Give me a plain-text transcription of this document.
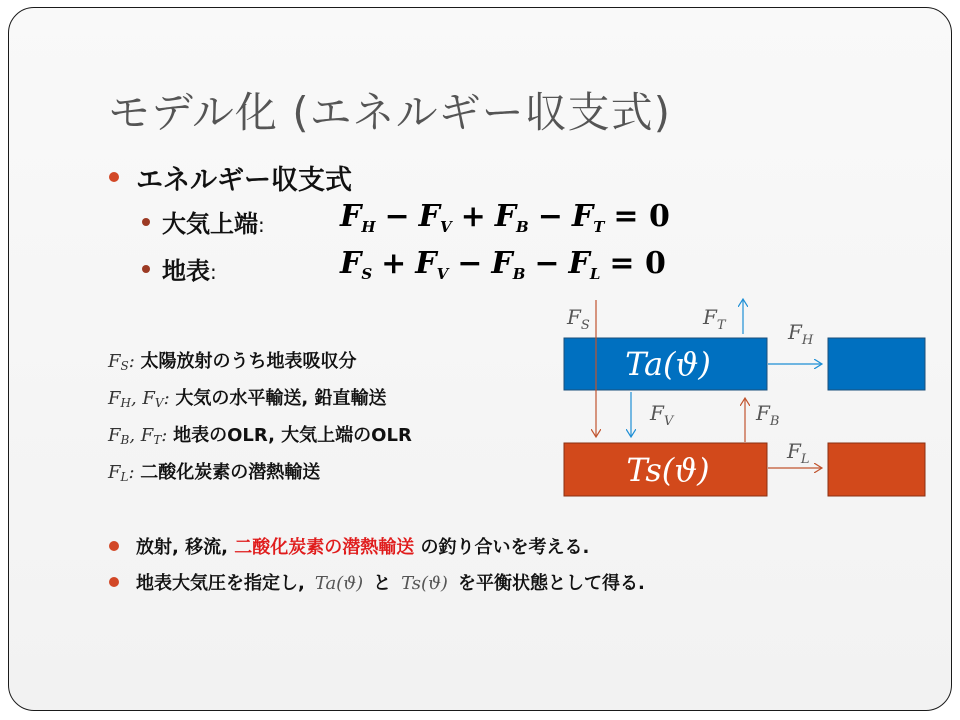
モデル化 (エネルギー収支式)
エネルギー収支式
大気上端:	$F_H - F_V + F_B - F_T = 0$
地表:	$F_S + F_V - F_B - F_L = 0$
$F_S$: 太陽放射のうち地表吸収分
$F_H$, $F_V$: 大気の水平輸送, 鉛直輸送
$F_B$, $F_T$: 地表のOLR, 大気上端のOLR
$F_L$: 二酸化炭素の潜熱輸送
Ta(ϑ)
Ts(ϑ)
$F_S$	$F_T$	$F_H$
$F_V$	$F_B$
$F_L$
放射, 移流, 二酸化炭素の潜熱輸送 の釣り合いを考える.
地表大気圧を指定し, Ta(ϑ) と Ts(ϑ) を平衡状態として得る.
